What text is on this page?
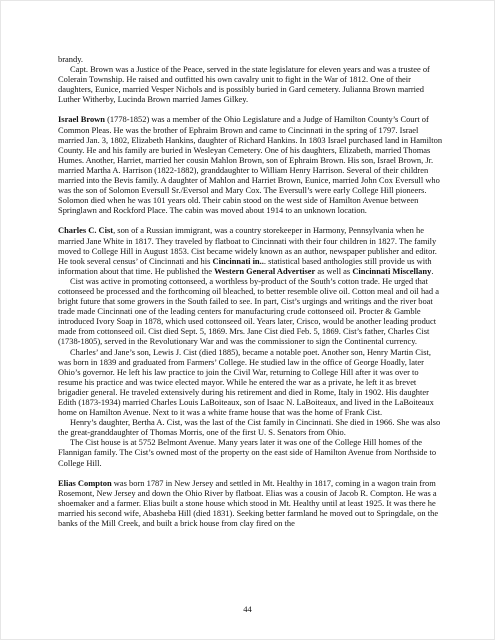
brandy.

Capt. Brown was a Justice of the Peace, served in the state legislature for eleven years and was a trustee of Colerain Township. He raised and outfitted his own cavalry unit to fight in the War of 1812. One of their daughters, Eunice, married Vesper Nichols and is possibly buried in Gard cemetery. Julianna Brown married Luther Witherby, Lucinda Brown married James Gilkey.

Israel Brown (1778-1852) was a member of the Ohio Legislature and a Judge of Hamilton County’s Court of Common Pleas. He was the brother of Ephraim Brown and came to Cincinnati in the spring of 1797. Israel married Jan. 3, 1802, Elizabeth Hankins, daughter of Richard Hankins. In 1803 Israel purchased land in Hamilton County. He and his family are buried in Wesleyan Cemetery. One of his daughters, Elizabeth, married Thomas Humes. Another, Harriet, married her cousin Mahlon Brown, son of Ephraim Brown. His son, Israel Brown, Jr. married Martha A. Harrison (1822-1882), granddaughter to William Henry Harrison. Several of their children married into the Bevis family. A daughter of Mahlon and Harriet Brown, Eunice, married John Cox Eversull who was the son of Solomon Eversull Sr./Eversol and Mary Cox. The Eversull’s were early College Hill pioneers. Solomon died when he was 101 years old. Their cabin stood on the west side of Hamilton Avenue between Springlawn and Rockford Place. The cabin was moved about 1914 to an unknown location.

Charles C. Cist, son of a Russian immigrant, was a country storekeeper in Harmony, Pennsylvania when he married Jane White in 1817. They traveled by flatboat to Cincinnati with their four children in 1827. The family moved to College Hill in August 1853. Cist became widely known as an author, newspaper publisher and editor. He took several census’ of Cincinnati and his Cincinnati in... statistical based anthologies still provide us with information about that time. He published the Western General Advertiser as well as Cincinnati Miscellany.

Cist was active in promoting cottonseed, a worthless by-product of the South’s cotton trade. He urged that cottonseed be processed and the forthcoming oil bleached, to better resemble olive oil. Cotton meal and oil had a bright future that some growers in the South failed to see. In part, Cist’s urgings and writings and the river boat trade made Cincinnati one of the leading centers for manufacturing crude cottonseed oil. Procter & Gamble introduced Ivory Soap in 1878, which used cottonseed oil. Years later, Crisco, would be another leading product made from cottonseed oil. Cist died Sept. 5, 1869. Mrs. Jane Cist died Feb. 5, 1869. Cist’s father, Charles Cist (1738-1805), served in the Revolutionary War and was the commissioner to sign the Continental currency.

Charles’ and Jane’s son, Lewis J. Cist (died 1885), became a notable poet. Another son, Henry Martin Cist, was born in 1839 and graduated from Farmers’ College. He studied law in the office of George Hoadly, later Ohio’s governor. He left his law practice to join the Civil War, returning to College Hill after it was over to resume his practice and was twice elected mayor. While he entered the war as a private, he left it as brevet brigadier general. He traveled extensively during his retirement and died in Rome, Italy in 1902. His daughter Edith (1873-1934) married Charles Louis LaBoiteaux, son of Isaac N. LaBoiteaux, and lived in the LaBoiteaux home on Hamilton Avenue. Next to it was a white frame house that was the home of Frank Cist.

Henry’s daughter, Bertha A. Cist, was the last of the Cist family in Cincinnati. She died in 1966. She was also the great-granddaughter of Thomas Morris, one of the first U. S. Senators from Ohio.

The Cist house is at 5752 Belmont Avenue. Many years later it was one of the College Hill homes of the Flannigan family. The Cist’s owned most of the property on the east side of Hamilton Avenue from Northside to College Hill.

Elias Compton was born 1787 in New Jersey and settled in Mt. Healthy in 1817, coming in a wagon train from Rosemont, New Jersey and down the Ohio River by flatboat. Elias was a cousin of Jacob R. Compton. He was a shoemaker and a farmer. Elias built a stone house which stood in Mt. Healthy until at least 1925. It was there he married his second wife, Abasheba Hill (died 1831). Seeking better farmland he moved out to Springdale, on the banks of the Mill Creek, and built a brick house from clay fired on the

44
